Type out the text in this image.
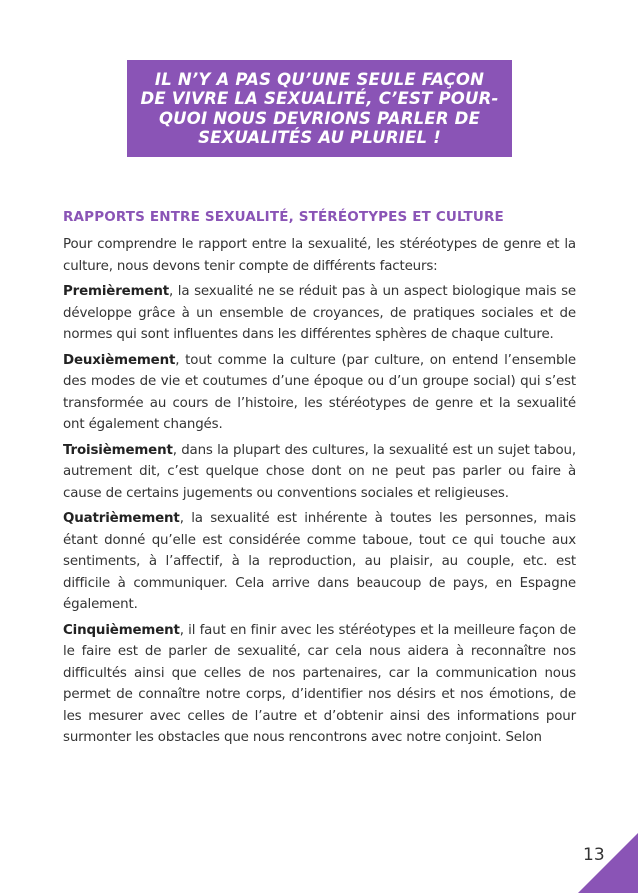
IL N’Y A PAS QU’UNE SEULE FAÇON
DE VIVRE LA SEXUALITÉ, C’EST POUR-
QUOI NOUS DEVRIONS PARLER DE
SEXUALITÉS AU PLURIEL !
RAPPORTS ENTRE SEXUALITÉ, STÉRÉOTYPES ET CULTURE

Pour comprendre le rapport entre la sexualité, les stéréotypes de genre et la culture, nous devons tenir compte de différents facteurs:

Premièrement, la sexualité ne se réduit pas à un aspect biologique mais se développe grâce à un ensemble de croyances, de pratiques sociales et de normes qui sont influentes dans les différentes sphères de chaque culture.

Deuxièmement, tout comme la culture (par culture, on entend l’ensemble des modes de vie et coutumes d’une époque ou d’un groupe social) qui s’est transformée au cours de l’histoire, les stéréotypes de genre et la sexualité ont également changés.

Troisièmement, dans la plupart des cultures, la sexualité est un sujet tabou, autrement dit, c’est quelque chose dont on ne peut pas parler ou faire à cause de certains jugements ou conventions sociales et religieuses.

Quatrièmement, la sexualité est inhérente à toutes les personnes, mais étant donné qu’elle est considérée comme taboue, tout ce qui touche aux sentiments, à l’affectif, à la reproduction, au plaisir, au couple, etc. est difficile à communiquer. Cela arrive dans beaucoup de pays, en Espagne également.

Cinquièmement, il faut en finir avec les stéréotypes et la meilleure façon de le faire est de parler de sexualité, car cela nous aidera à reconnaître nos difficultés ainsi que celles de nos partenaires, car la communication nous permet de connaître notre corps, d’identifier nos désirs et nos émotions, de les mesurer avec celles de l’autre et d’obtenir ainsi des informations pour surmonter les obstacles que nous rencontrons avec notre conjoint. Selon

13
